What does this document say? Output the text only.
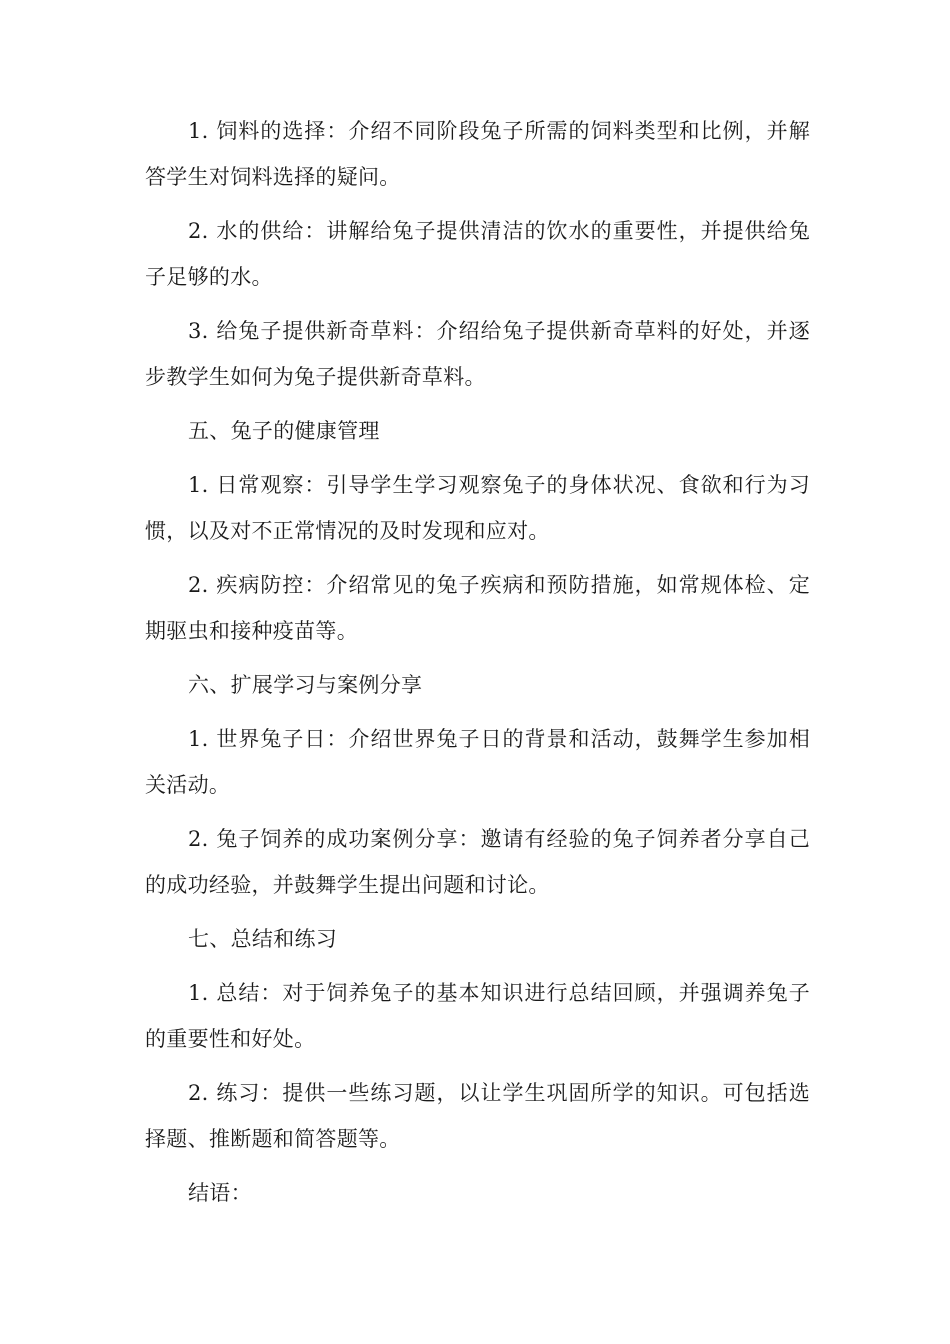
1. 饲料的选择：介绍不同阶段兔子所需的饲料类型和比例，并解答学生对饲料选择的疑问。

2. 水的供给：讲解给兔子提供清洁的饮水的重要性，并提供给兔子足够的水。

3. 给兔子提供新奇草料：介绍给兔子提供新奇草料的好处，并逐步教学生如何为兔子提供新奇草料。

五、兔子的健康管理

1. 日常观察：引导学生学习观察兔子的身体状况、食欲和行为习惯，以及对不正常情况的及时发现和应对。

2. 疾病防控：介绍常见的兔子疾病和预防措施，如常规体检、定期驱虫和接种疫苗等。

六、扩展学习与案例分享

1. 世界兔子日：介绍世界兔子日的背景和活动，鼓舞学生参加相关活动。

2. 兔子饲养的成功案例分享：邀请有经验的兔子饲养者分享自己的成功经验，并鼓舞学生提出问题和讨论。

七、总结和练习

1. 总结：对于饲养兔子的基本知识进行总结回顾，并强调养兔子的重要性和好处。

2. 练习：提供一些练习题，以让学生巩固所学的知识。可包括选择题、推断题和简答题等。

结语：
